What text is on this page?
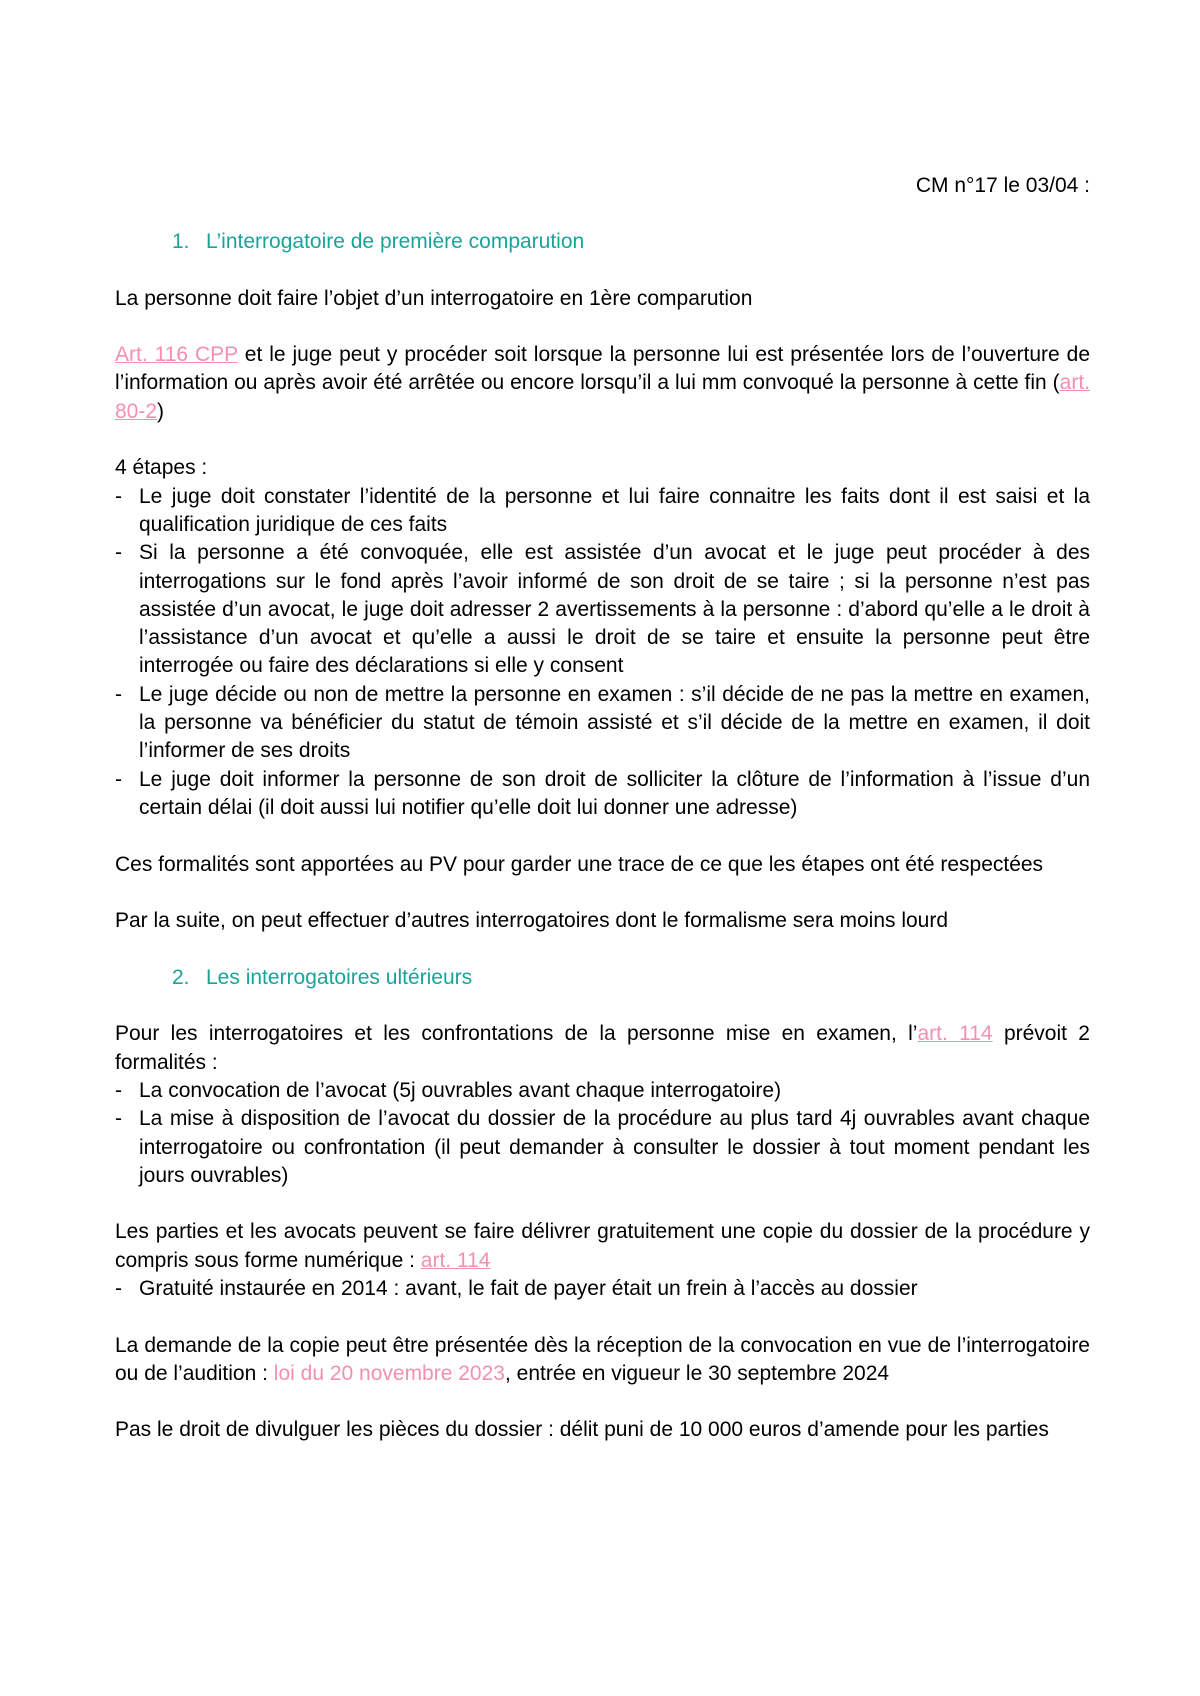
CM n°17 le 03/04 :
1. L’interrogatoire de première comparution

La personne doit faire l’objet d’un interrogatoire en 1ère comparution

Art. 116 CPP et le juge peut y procéder soit lorsque la personne lui est présentée lors de l’ouverture de l’information ou après avoir été arrêtée ou encore lorsqu’il a lui mm convoqué la personne à cette fin (art. 80-2)

4 étapes :

- Le juge doit constater l’identité de la personne et lui faire connaitre les faits dont il est saisi et la qualification juridique de ces faits
- Si la personne a été convoquée, elle est assistée d’un avocat et le juge peut procéder à des interrogations sur le fond après l’avoir informé de son droit de se taire ; si la personne n’est pas assistée d’un avocat, le juge doit adresser 2 avertissements à la personne : d’abord qu’elle a le droit à l’assistance d’un avocat et qu’elle a aussi le droit de se taire et ensuite la personne peut être interrogée ou faire des déclarations si elle y consent
- Le juge décide ou non de mettre la personne en examen : s’il décide de ne pas la mettre en examen, la personne va bénéficier du statut de témoin assisté et s’il décide de la mettre en examen, il doit l’informer de ses droits
- Le juge doit informer la personne de son droit de solliciter la clôture de l’information à l’issue d’un certain délai (il doit aussi lui notifier qu’elle doit lui donner une adresse)

Ces formalités sont apportées au PV pour garder une trace de ce que les étapes ont été respectées

Par la suite, on peut effectuer d’autres interrogatoires dont le formalisme sera moins lourd

2. Les interrogatoires ultérieurs

Pour les interrogatoires et les confrontations de la personne mise en examen, l’art. 114 prévoit 2 formalités :

- La convocation de l’avocat (5j ouvrables avant chaque interrogatoire)
- La mise à disposition de l’avocat du dossier de la procédure au plus tard 4j ouvrables avant chaque interrogatoire ou confrontation (il peut demander à consulter le dossier à tout moment pendant les jours ouvrables)

Les parties et les avocats peuvent se faire délivrer gratuitement une copie du dossier de la procédure y compris sous forme numérique : art. 114

- Gratuité instaurée en 2014 : avant, le fait de payer était un frein à l’accès au dossier

La demande de la copie peut être présentée dès la réception de la convocation en vue de l’interrogatoire ou de l’audition : loi du 20 novembre 2023, entrée en vigueur le 30 septembre 2024

Pas le droit de divulguer les pièces du dossier : délit puni de 10 000 euros d’amende pour les parties
